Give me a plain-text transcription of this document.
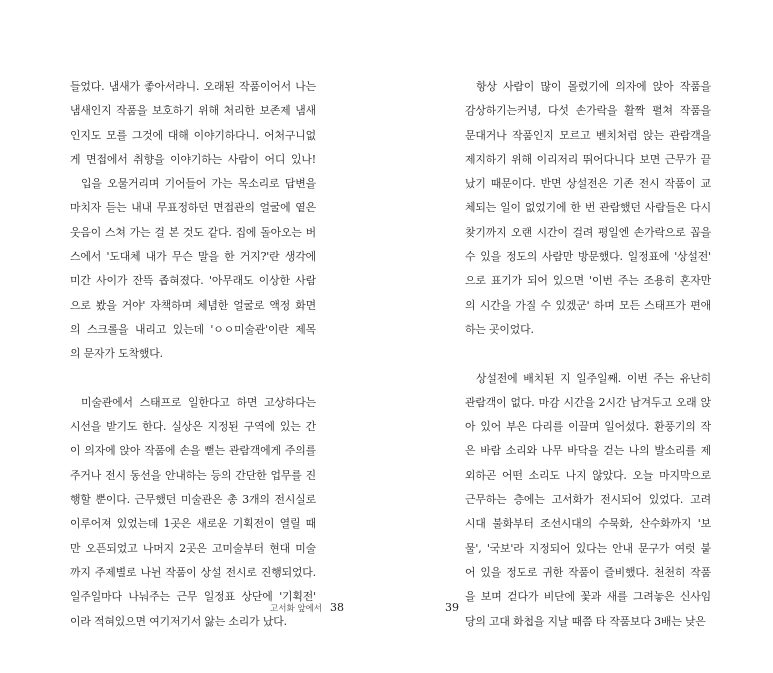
들었다. 냄새가 좋아서라니. 오래된 작품이어서 나는
냄새인지 작품을 보호하기 위해 처리한 보존제 냄새
인지도 모를 그것에 대해 이야기하다니. 어처구니없
게 면접에서 취향을 이야기하는 사람이 어디 있나!
입을 오물거리며 기어들어 가는 목소리로 답변을
마치자 듣는 내내 무표정하던 면접관의 얼굴에 옅은
웃음이 스쳐 가는 걸 본 것도 같다. 집에 돌아오는 버
스에서 '도대체 내가 무슨 말을 한 거지?'란 생각에
미간 사이가 잔뜩 좁혀졌다. '아무래도 이상한 사람
으로 봤을 거야' 자책하며 체념한 얼굴로 액정 화면
의 스크롤을 내리고 있는데 'ㅇㅇ미술관'이란 제목
의 문자가 도착했다.
미술관에서 스태프로 일한다고 하면 고상하다는
시선을 받기도 한다. 실상은 지정된 구역에 있는 간
이 의자에 앉아 작품에 손을 뻗는 관람객에게 주의를
주거나 전시 동선을 안내하는 등의 간단한 업무를 진
행할 뿐이다. 근무했던 미술관은 총 3개의 전시실로
이루어져 있었는데 1곳은 새로운 기획전이 열릴 때
만 오픈되었고 나머지 2곳은 고미술부터 현대 미술
까지 주제별로 나뉜 작품이 상설 전시로 진행되었다.
일주일마다 나눠주는 근무 일정표 상단에 '기획전'
이라 적혀있으면 여기저기서 앓는 소리가 났다.
고서화 앞에서 38
항상 사람이 많이 몰렸기에 의자에 앉아 작품을
감상하기는커녕, 다섯 손가락을 활짝 펼쳐 작품을
문대거나 작품인지 모르고 벤치처럼 앉는 관람객을
제지하기 위해 이리저리 뛰어다니다 보면 근무가 끝
났기 때문이다. 반면 상설전은 기존 전시 작품이 교
체되는 일이 없었기에 한 번 관람했던 사람들은 다시
찾기까지 오랜 시간이 걸려 평일엔 손가락으로 꼽을
수 있을 정도의 사람만 방문했다. 일정표에 '상설전'
으로 표기가 되어 있으면 '이번 주는 조용히 혼자만
의 시간을 가질 수 있겠군' 하며 모든 스태프가 편애
하는 곳이었다.
상설전에 배치된 지 일주일째. 이번 주는 유난히
관람객이 없다. 마감 시간을 2시간 남겨두고 오래 앉
아 있어 부은 다리를 이끌며 일어섰다. 환풍기의 작
은 바람 소리와 나무 바닥을 걷는 나의 발소리를 제
외하곤 어떤 소리도 나지 않았다. 오늘 마지막으로
근무하는 층에는 고서화가 전시되어 있었다. 고려
시대 불화부터 조선시대의 수묵화, 산수화까지 '보
물', '국보'라 지정되어 있다는 안내 문구가 여럿 붙
어 있을 정도로 귀한 작품이 즐비했다. 천천히 작품
을 보며 걷다가 비단에 꽃과 새를 그려놓은 신사임
당의 고대 화첩을 지날 때쯤 타 작품보다 3배는 낮은
39
